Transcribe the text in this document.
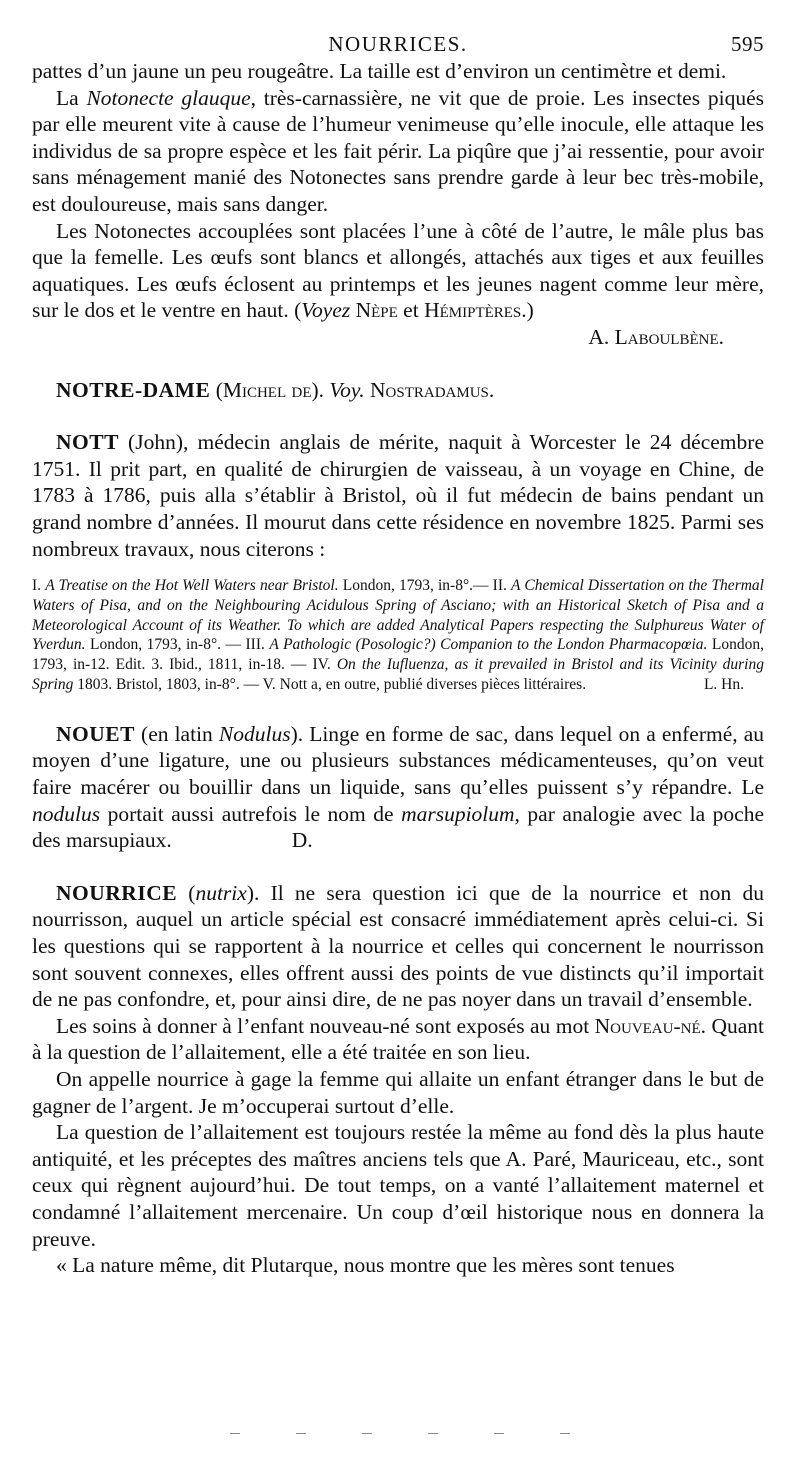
NOURRICES.	595

pattes d’un jaune un peu rougeâtre. La taille est d’environ un centimètre et demi.

La Notonecte glauque, très-carnassière, ne vit que de proie. Les insectes piqués par elle meurent vite à cause de l’humeur venimeuse qu’elle inocule, elle attaque les individus de sa propre espèce et les fait périr. La piqûre que j’ai ressentie, pour avoir sans ménagement manié des Notonectes sans prendre garde à leur bec très-mobile, est douloureuse, mais sans danger.

Les Notonectes accouplées sont placées l’une à côté de l’autre, le mâle plus bas que la femelle. Les œufs sont blancs et allongés, attachés aux tiges et aux feuilles aquatiques. Les œufs éclosent au printemps et les jeunes nagent comme leur mère, sur le dos et le ventre en haut. (Voyez Nèpe et Hémiptères.)

A. Laboulbène.

NOTRE-DAME (Michel de). Voy. Nostradamus.

NOTT (John), médecin anglais de mérite, naquit à Worcester le 24 décembre 1751. Il prit part, en qualité de chirurgien de vaisseau, à un voyage en Chine, de 1783 à 1786, puis alla s’établir à Bristol, où il fut médecin de bains pendant un grand nombre d’années. Il mourut dans cette résidence en novembre 1825. Parmi ses nombreux travaux, nous citerons :

I. A Treatise on the Hot Well Waters near Bristol. London, 1793, in-8°.— II. A Chemical Dissertation on the Thermal Waters of Pisa, and on the Neighbouring Acidulous Spring of Asciano; with an Historical Sketch of Pisa and a Meteorological Account of its Weather. To which are added Analytical Papers respecting the Sulphureus Water of Yverdun. London, 1793, in-8°. — III. A Pathologic (Posologic?) Companion to the London Pharmacopœia. London, 1793, in-12. Edit. 3. Ibid., 1811, in-18. — IV. On the Iufluenza, as it prevailed in Bristol and its Vicinity during Spring 1803. Bristol, 1803, in-8°. — V. Nott a, en outre, publié diverses pièces littéraires.	L. Hn.

NOUET (en latin Nodulus). Linge en forme de sac, dans lequel on a enfermé, au moyen d’une ligature, une ou plusieurs substances médicamenteuses, qu’on veut faire macérer ou bouillir dans un liquide, sans qu’elles puissent s’y répandre. Le nodulus portait aussi autrefois le nom de marsupiolum, par analogie avec la poche des marsupiaux.	D.

NOURRICE (nutrix). Il ne sera question ici que de la nourrice et non du nourrisson, auquel un article spécial est consacré immédiatement après celui-ci. Si les questions qui se rapportent à la nourrice et celles qui concernent le nourrisson sont souvent connexes, elles offrent aussi des points de vue distincts qu’il importait de ne pas confondre, et, pour ainsi dire, de ne pas noyer dans un travail d’ensemble.

Les soins à donner à l’enfant nouveau-né sont exposés au mot Nouveau-né. Quant à la question de l’allaitement, elle a été traitée en son lieu.

On appelle nourrice à gage la femme qui allaite un enfant étranger dans le but de gagner de l’argent. Je m’occuperai surtout d’elle.

La question de l’allaitement est toujours restée la même au fond dès la plus haute antiquité, et les préceptes des maîtres anciens tels que A. Paré, Mauriceau, etc., sont ceux qui règnent aujourd’hui. De tout temps, on a vanté l’allaitement maternel et condamné l’allaitement mercenaire. Un coup d’œil historique nous en donnera la preuve.

« La nature même, dit Plutarque, nous montre que les mères sont tenues
